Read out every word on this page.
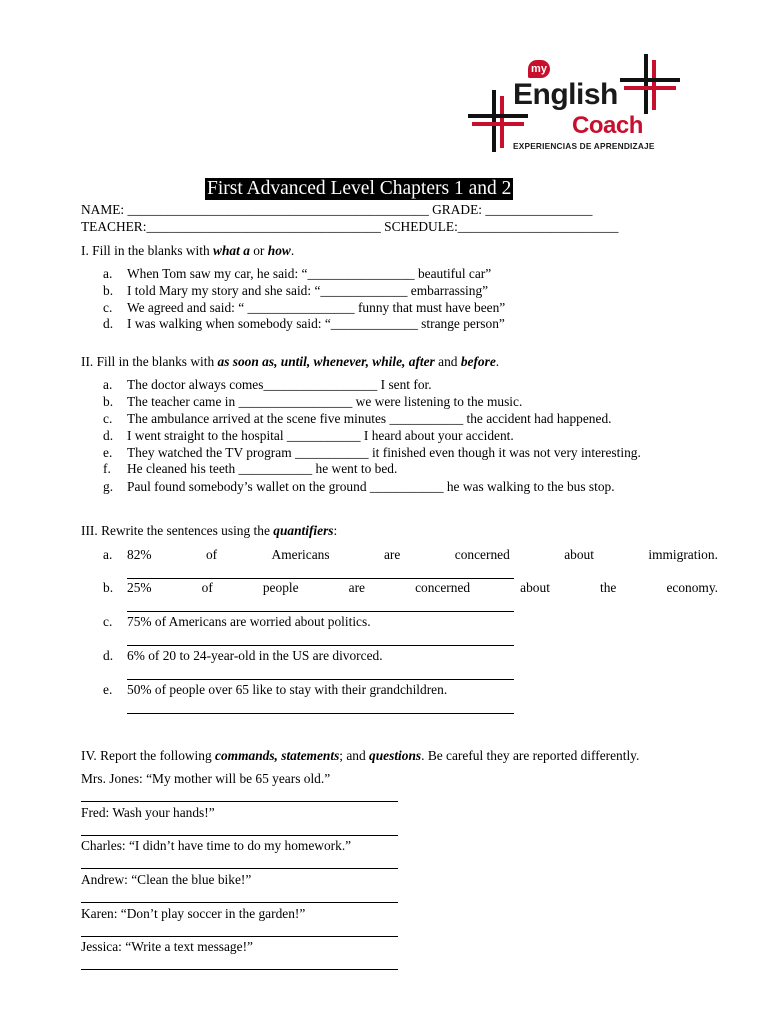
my
English
Coach
EXPERIENCIAS DE APRENDIZAJE
First Advanced Level Chapters 1 and 2
NAME: _____________________________________________ GRADE: ________________
TEACHER:___________________________________ SCHEDULE:________________________
I. Fill in the blanks with what a or how.
a.	When Tom saw my car, he said: “________________ beautiful car”
b.	I told Mary my story and she said: “_____________ embarrassing”
c.	We agreed and said: “ ________________ funny that must have been”
d.	I was walking when somebody said: “_____________ strange person”
II. Fill in the blanks with as soon as, until, whenever, while, after and before.
a.	The doctor always comes_________________ I sent for.
b.	The teacher came in _________________ we were listening to the music.
c.	The ambulance arrived at the scene five minutes ___________ the accident had happened.
d.	I went straight to the hospital ___________ I heard about your accident.
e.	They watched the TV program ___________ it finished even though it was not very interesting.
f.	He cleaned his teeth ___________ he went to bed.
g.	Paul found somebody’s wallet on the ground ___________ he was walking to the bus stop.
III. Rewrite the sentences using the quantifiers:
a. 82%	of	Americans	are	concerned	about	immigration.
b. 25%	of	people	are	concerned	about	the	economy.
c. 75% of Americans are worried about politics.
d. 6% of 20 to 24-year-old in the US are divorced.
e. 50% of people over 65 like to stay with their grandchildren.
IV. Report the following commands, statements; and questions. Be careful they are reported differently.
Mrs. Jones: “My mother will be 65 years old.”
Fred: Wash your hands!”
Charles: “I didn’t have time to do my homework.”
Andrew: “Clean the blue bike!”
Karen: “Don’t play soccer in the garden!”
Jessica: “Write a text message!”
